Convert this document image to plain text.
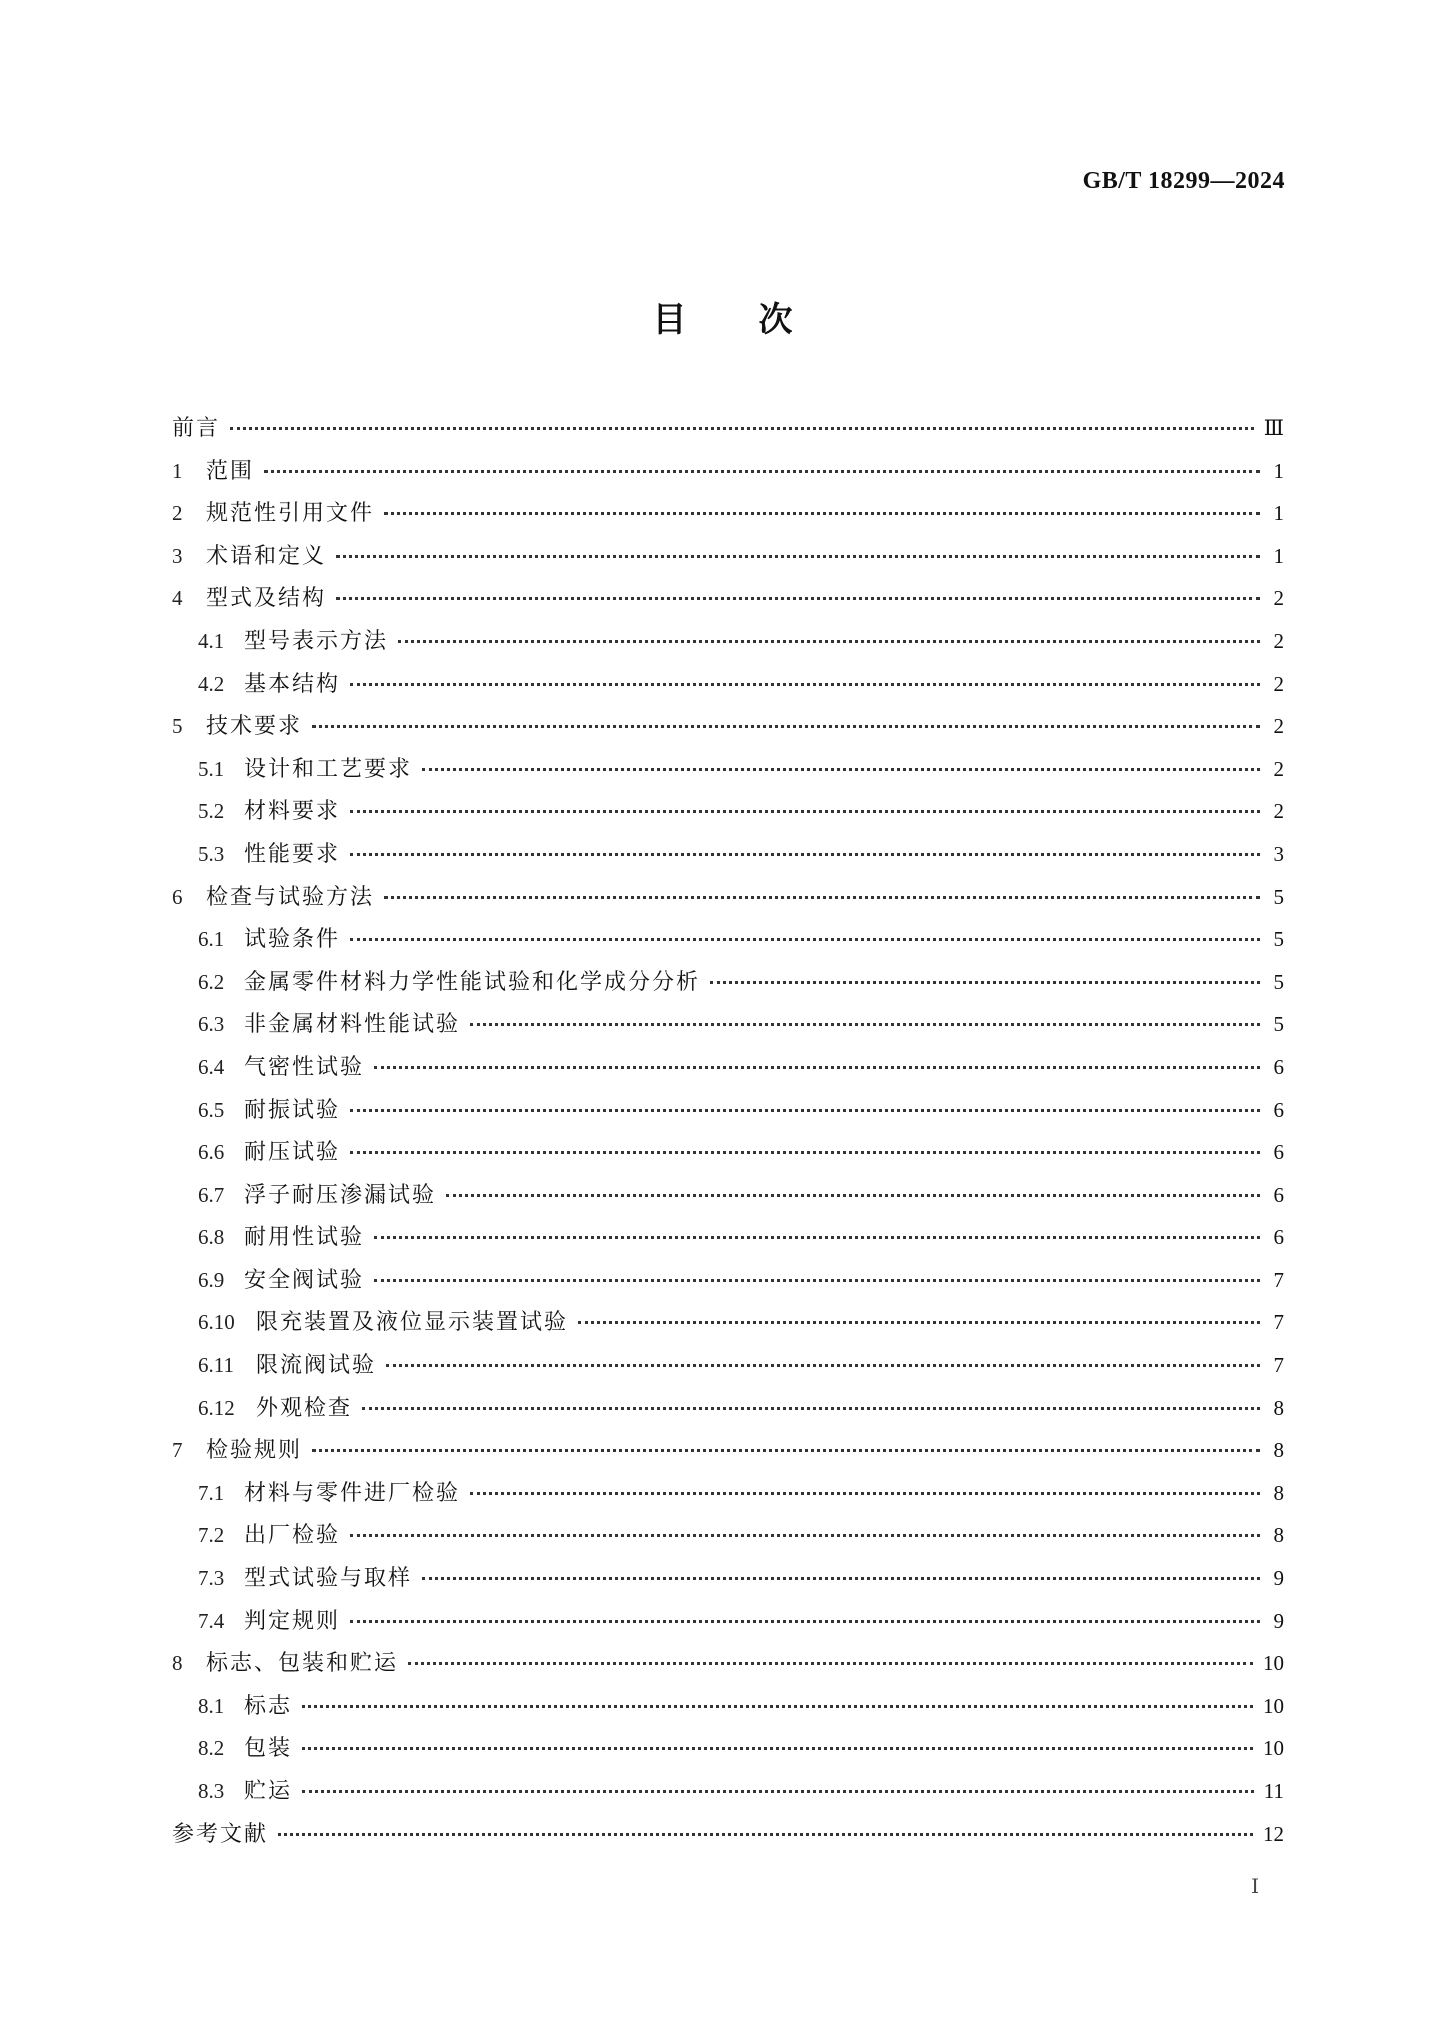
GB/T 18299—2024
目次
前言	Ⅲ
1	范围	1
2	规范性引用文件	1
3	术语和定义	1
4	型式及结构	2
4.1 型号表示方法	2
4.2 基本结构	2
5	技术要求	2
5.1 设计和工艺要求	2
5.2 材料要求	2
5.3 性能要求	3
6	检查与试验方法	5
6.1 试验条件	5
6.2 金属零件材料力学性能试验和化学成分分析	5
6.3 非金属材料性能试验	5
6.4 气密性试验	6
6.5 耐振试验	6
6.6 耐压试验	6
6.7 浮子耐压渗漏试验	6
6.8 耐用性试验	6
6.9 安全阀试验	7
6.10 限充装置及液位显示装置试验	7
6.11	限流阀试验	7
6.12 外观检查	8
7	检验规则	8
7.1 材料与零件进厂检验	8
7.2 出厂检验	8
7.3 型式试验与取样	9
7.4 判定规则	9
8	标志、包装和贮运	10
8.1 标志	10
8.2 包装	10
8.3 贮运	11
参考文献	12
Ⅰ
